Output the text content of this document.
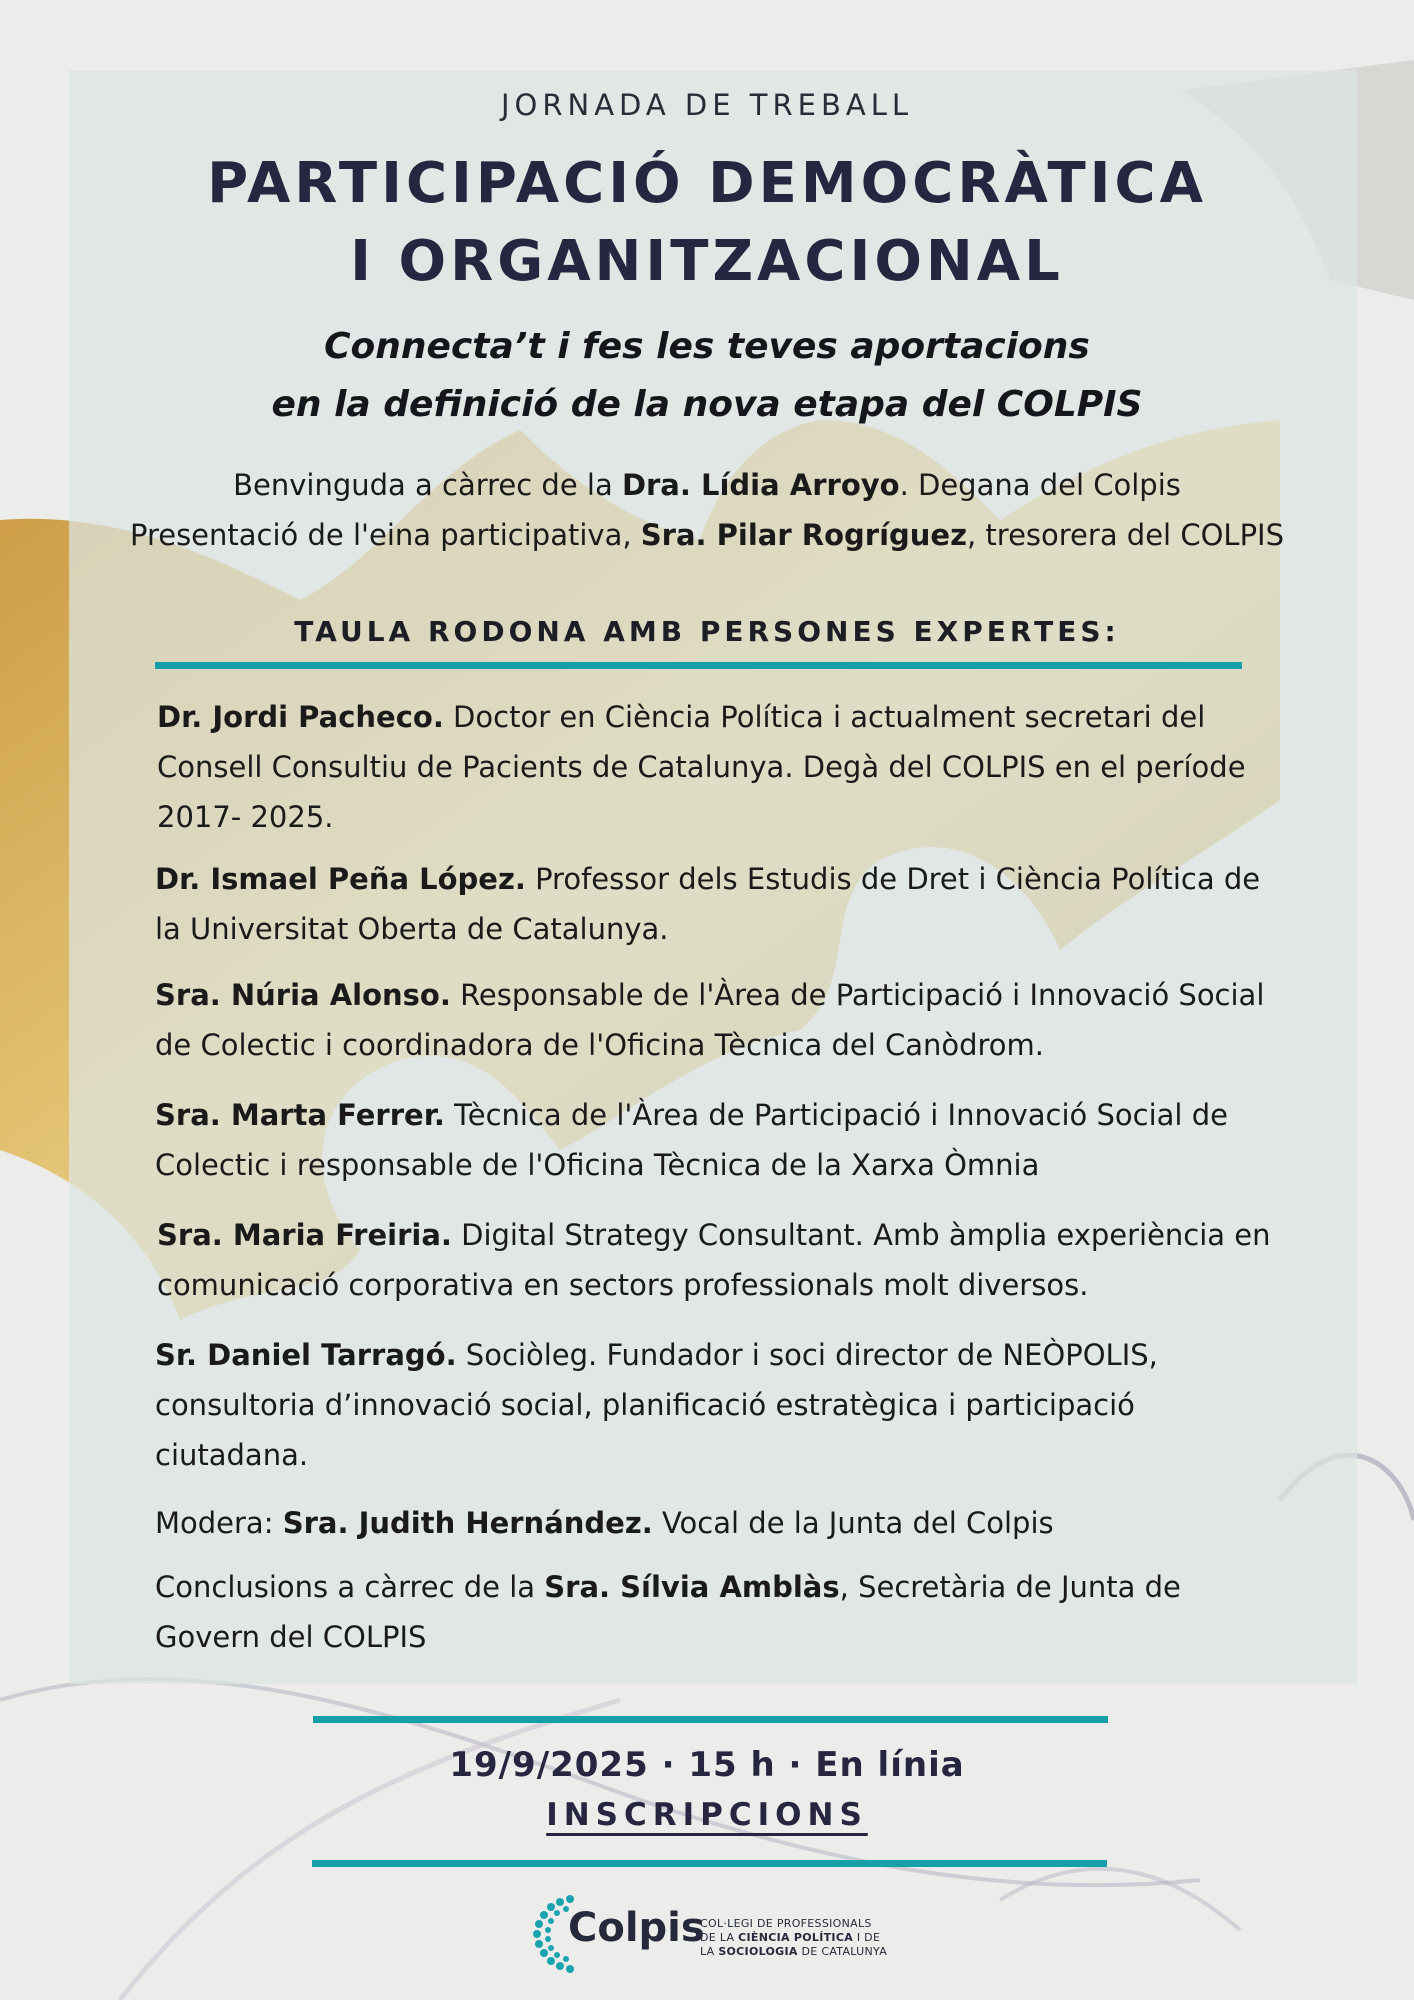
JORNADA DE TREBALL
PARTICIPACIÓ DEMOCRÀTICA
I ORGANITZACIONAL
Connecta’t i fes les teves aportacions
en la definició de la nova etapa del COLPIS
Benvinguda a càrrec de la Dra. Lídia Arroyo. Degana del Colpis
Presentació de l'eina participativa, Sra. Pilar Rogríguez, tresorera del COLPIS
TAULA RODONA AMB PERSONES EXPERTES:
Dr. Jordi Pacheco. Doctor en Ciència Política i actualment secretari del Consell Consultiu de Pacients de Catalunya. Degà del COLPIS en el període 2017- 2025.
Dr. Ismael Peña López. Professor dels Estudis de Dret i Ciència Política de la Universitat Oberta de Catalunya.
Sra. Núria Alonso. Responsable de l'Àrea de Participació i Innovació Social de Colectic i coordinadora de l'Oficina Tècnica del Canòdrom.
Sra. Marta Ferrer. Tècnica de l'Àrea de Participació i Innovació Social de Colectic i responsable de l'Oficina Tècnica de la Xarxa Òmnia
Sra. Maria Freiria. Digital Strategy Consultant. Amb àmplia experiència en comunicació corporativa en sectors professionals molt diversos.
Sr. Daniel Tarragó. Sociòleg. Fundador i soci director de NEÒPOLIS, consultoria d’innovació social, planificació estratègica i participació ciutadana.
Modera: Sra. Judith Hernández. Vocal de la Junta del Colpis
Conclusions a càrrec de la Sra. Sílvia Amblàs, Secretària de Junta de Govern del COLPIS
19/9/2025 · 15 h · En línia
INSCRIPCIONS
Colpis
COL·LEGI DE PROFESSIONALS
DE LA CIÈNCIA POLÍTICA I DE
LA SOCIOLOGIA DE CATALUNYA
